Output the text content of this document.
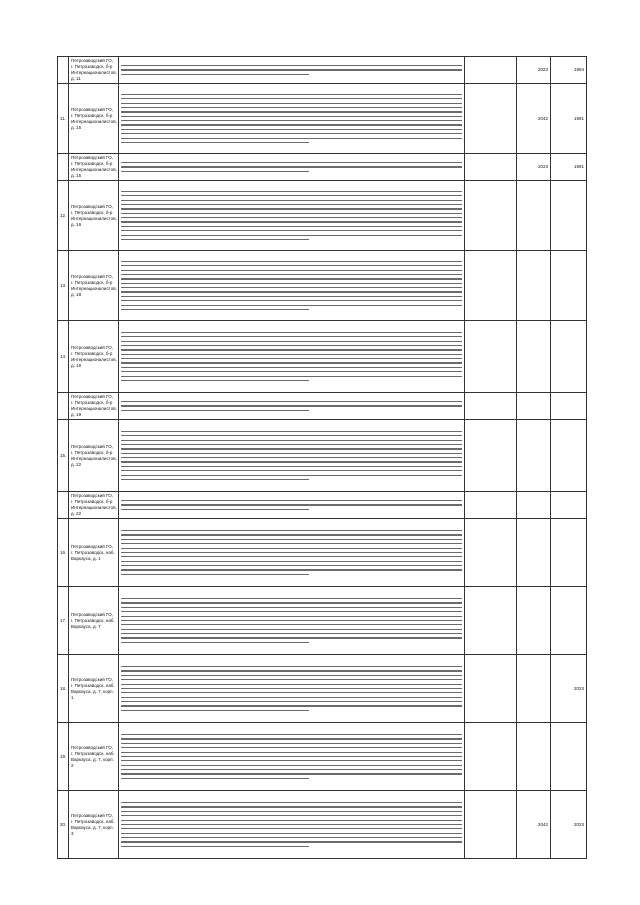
	Петрозаводский ГО, г. Петрозаводск, б-р Интернационалистов, д. 11			2023	1984
11.	Петрозаводский ГО, г. Петрозаводск, б-р Интернационалистов, д. 15			2042	1991
	Петрозаводский ГО, г. Петрозаводск, б-р Интернационалистов, д. 15			2023	1991
12.	Петрозаводский ГО, г. Петрозаводск, б-р Интернационалистов, д. 16	

13.	Петрозаводский ГО, г. Петрозаводск, б-р Интернационалистов, д. 18	

14.	Петрозаводский ГО, г. Петрозаводск, б-р Интернационалистов, д. 19	

	Петрозаводский ГО, г. Петрозаводск, б-р Интернационалистов, д. 19	

15.	Петрозаводский ГО, г. Петрозаводск, б-р Интернационалистов, д. 22	

	Петрозаводский ГО, г. Петрозаводск, б-р Интернационалистов, д. 22	

16.	Петрозаводский ГО, г. Петрозаводск, наб. Варкауса, д. 1	

17.	Петрозаводский ГО, г. Петрозаводск, наб. Варкауса, д. 7	

18.	Петрозаводский ГО, г. Петрозаводск, наб. Варкауса, д. 7, корп. 1				2023
19.	Петрозаводский ГО, г. Петрозаводск, наб. Варкауса, д. 7, корп. 2	

20.	Петрозаводский ГО, г. Петрозаводск, наб. Варкауса, д. 7, корп. 3			2042	2023
